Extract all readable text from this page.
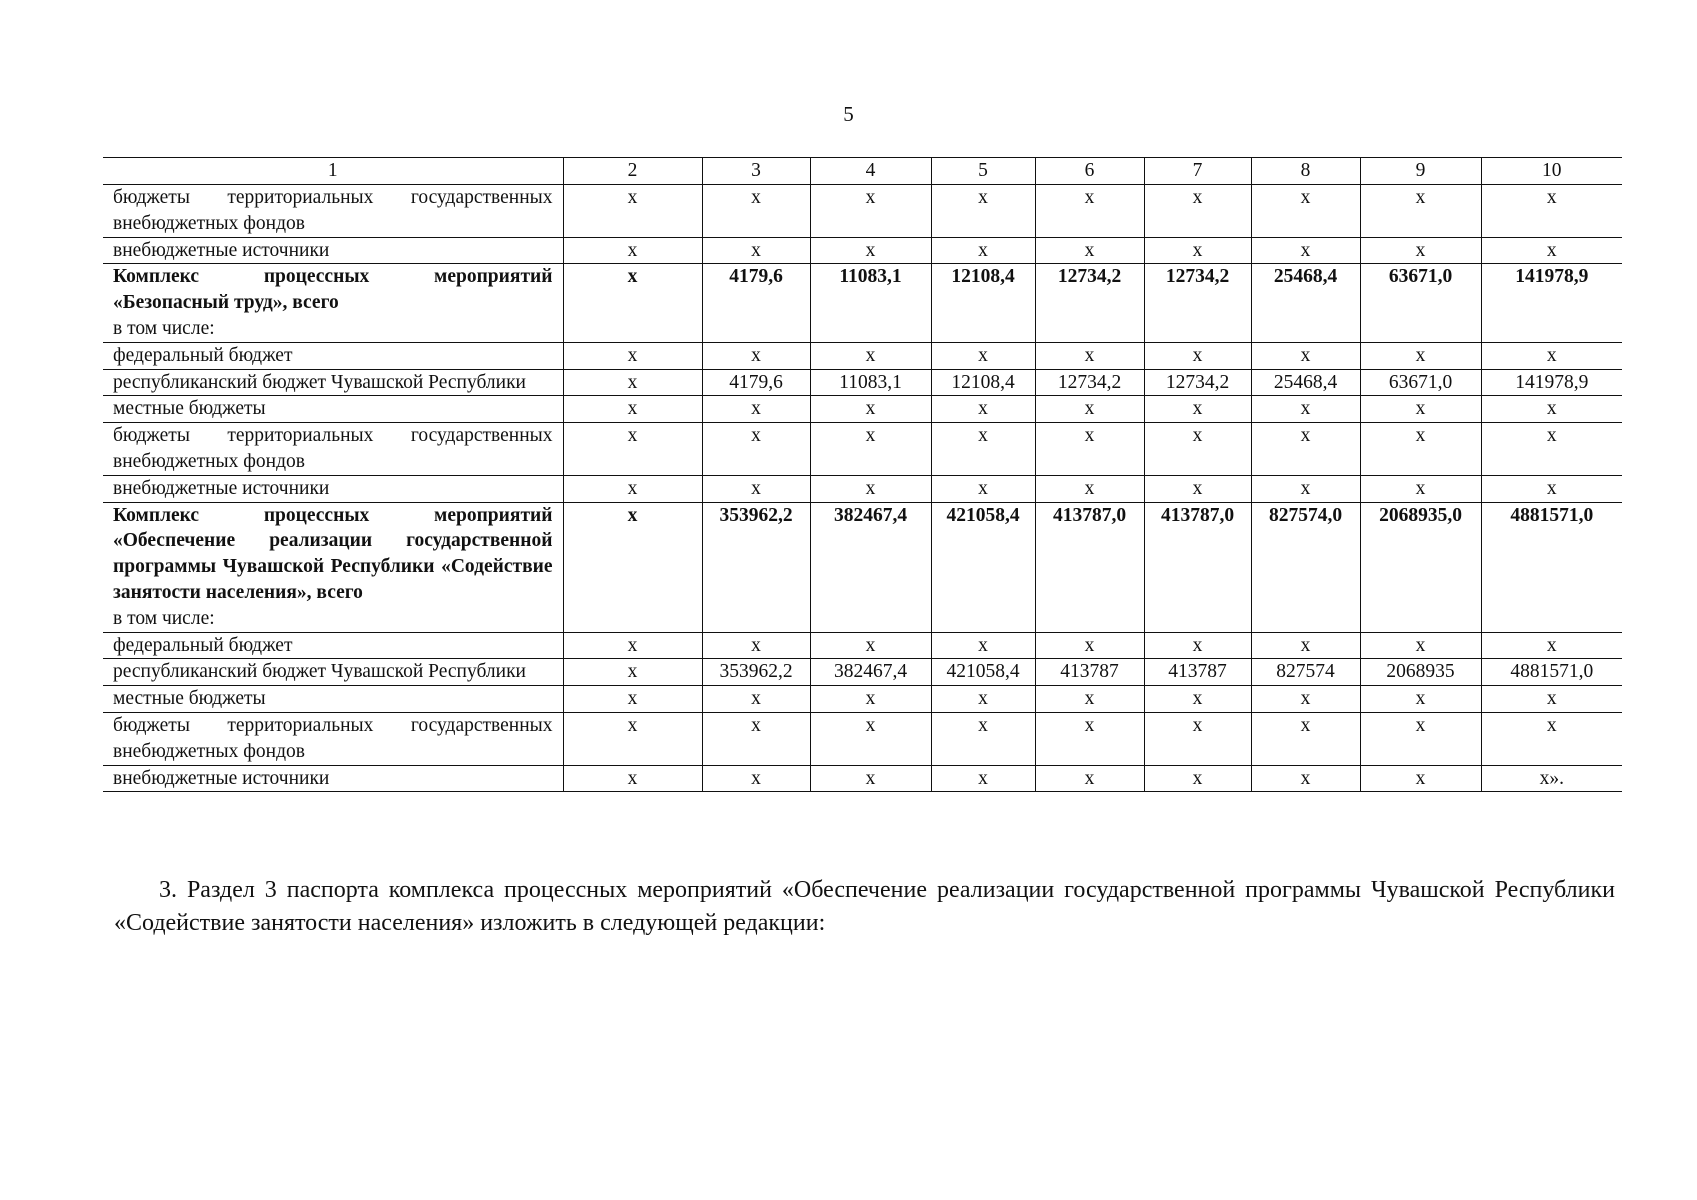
5
1	2	3	4	5	6	7	8	9	10

бюджеты территориальных государственных внебюджетных фондов	х	х	х	х	х	х	х	х	х

внебюджетные источники	х	х	х	х	х	х	х	х	х

Комплекс процессных мероприятий «Безопасный труд», всего
в том числе:	х	4179,6	11083,1	12108,4	12734,2	12734,2	25468,4	63671,0	141978,9

федеральный бюджет	х	х	х	х	х	х	х	х	х

республиканский бюджет Чувашской Республики	х	4179,6	11083,1	12108,4	12734,2	12734,2	25468,4	63671,0	141978,9

местные бюджеты	х	х	х	х	х	х	х	х	х

бюджеты территориальных государственных внебюджетных фондов	х	х	х	х	х	х	х	х	х

внебюджетные источники	х	х	х	х	х	х	х	х	х

Комплекс процессных мероприятий «Обеспечение реализации государственной программы Чувашской Республики «Содействие занятости населения», всего
в том числе:	х	353962,2	382467,4	421058,4	413787,0	413787,0	827574,0	2068935,0	4881571,0

федеральный бюджет	х	х	х	х	х	х	х	х	х

республиканский бюджет Чувашской Республики	х	353962,2	382467,4	421058,4	413787	413787	827574	2068935	4881571,0

местные бюджеты	х	х	х	х	х	х	х	х	х

бюджеты территориальных государственных внебюджетных фондов	х	х	х	х	х	х	х	х	х

внебюджетные источники	х	х	х	х	х	х	х	х	х».
3. Раздел 3 паспорта комплекса процессных мероприятий «Обеспечение реализации государственной программы Чувашской Республики «Содействие занятости населения» изложить в следующей редакции:
